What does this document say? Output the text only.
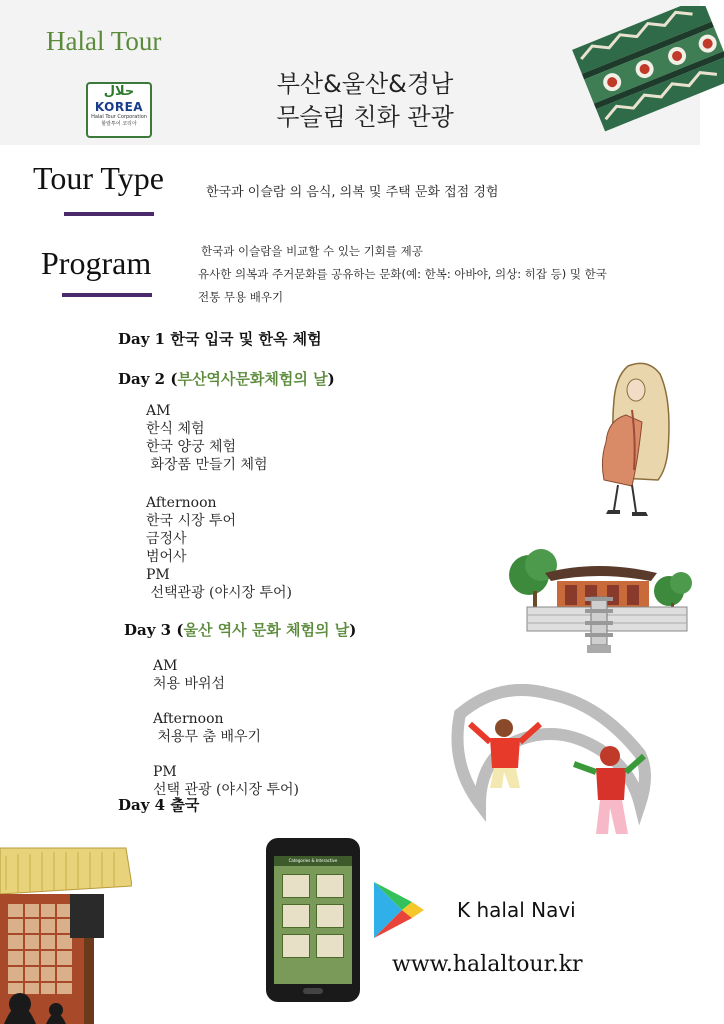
Halal Tour
حلال
KOREA
Halal Tour Corporation
할랄투어 코리아
부산&울산&경남
무슬림 친화 관광
Tour Type	한국과 이슬람 의 음식, 의복 및 주택 문화 접점 경험
Program	한국과 이슬람을 비교할 수 있는 기회를 제공
유사한 의복과 주거문화를 공유하는 문화(예: 한복: 아바야, 의상: 히잡 등) 및 한국
전통 무용 배우기
Day 1 한국 입국 및 한옥 체험
Day 2 (부산역사문화체험의 날)
AM
한식 체험
한국 양궁 체험
화장품 만들기 체험
Afternoon
한국 시장 투어
금정사
범어사
PM
선택관광 (야시장 투어)
Day 3 (울산 역사 문화 체험의 날)
AM
처용 바위섬
Afternoon
처용무 춤 배우기
PM
선택 관광 (야시장 투어)
Day 4 출국
Categories & Interactive
K halal Navi
www.halaltour.kr
